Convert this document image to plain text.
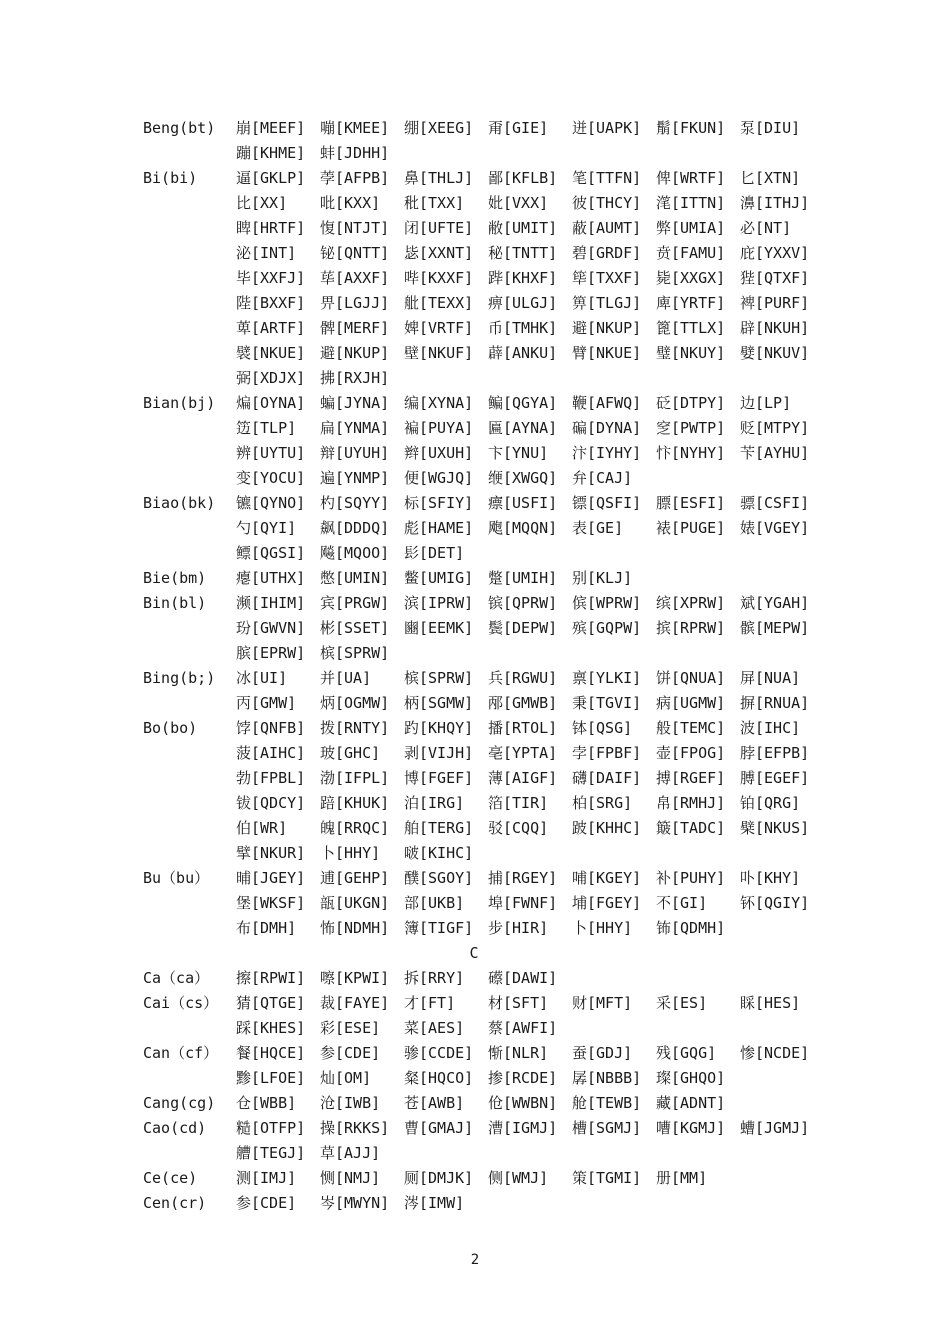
Beng(bt)	崩[MEEF] 嘣[KMEE] 绷[XEEG] 甭[GIE]	迸[UAPK] 鬅[FKUN] 泵[DIU]
蹦[KHME] 蚌[JDHH]
Bi(bi)	逼[GKLP] 荸[AFPB] 鼻[THLJ] 鄙[KFLB] 笔[TTFN] 俾[WRTF] 匕[XTN]
比[XX]	吡[KXX]	秕[TXX]	妣[VXX]	彼[THCY] 滗[ITTN] 濞[ITHJ]
睥[HRTF] 愎[NTJT] 闭[UFTE] 敝[UMIT] 蔽[AUMT] 弊[UMIA] 必[NT]
泌[INT]	铋[QNTT] 毖[XXNT] 秘[TNTT] 碧[GRDF] 贲[FAMU] 庇[YXXV]
毕[XXFJ] 荜[AXXF] 哔[KXXF] 跸[KHXF] 筚[TXXF] 毙[XXGX] 狴[QTXF]
陛[BXXF] 畀[LGJJ] 舭[TEXX] 痹[ULGJ] 箅[TLGJ] 庳[YRTF] 裨[PURF]
萆[ARTF] 髀[MERF] 婢[VRTF] 币[TMHK] 避[NKUP] 篦[TTLX] 辟[NKUH]
襞[NKUE] 避[NKUP] 壁[NKUF] 薜[ANKU] 臂[NKUE] 璧[NKUY] 嬖[NKUV]
弼[XDJX] 拂[RXJH]
Bian(bj)	煸[OYNA] 蝙[JYNA] 编[XYNA] 鳊[QGYA] 鞭[AFWQ] 砭[DTPY] 边[LP]
笾[TLP]	扁[YNMA] 褊[PUYA] 匾[AYNA] 碥[DYNA] 窆[PWTP] 贬[MTPY]
辨[UYTU] 辩[UYUH] 辫[UXUH] 卞[YNU]	汴[IYHY] 忭[NYHY] 苄[AYHU]
变[YOCU] 遍[YNMP] 便[WGJQ] 缏[XWGQ] 弁[CAJ]
Biao(bk)	镳[QYNO] 杓[SQYY] 标[SFIY] 瘭[USFI] 镖[QSFI] 膘[ESFI] 骠[CSFI]
勺[QYI]	飙[DDDQ] 彪[HAME] 飑[MQQN] 表[GE]	裱[PUGE] 婊[VGEY]
鳔[QGSI] 飚[MQOO] 髟[DET]
Bie(bm)	瘪[UTHX] 憋[UMIN] 鳖[UMIG] 蹩[UMIH] 别[KLJ]
Bin(bl)	濒[IHIM] 宾[PRGW] 滨[IPRW] 镔[QPRW] 傧[WPRW] 缤[XPRW] 斌[YGAH]
玢[GWVN] 彬[SSET] 豳[EEMK] 鬓[DEPW] 殡[GQPW] 摈[RPRW] 髌[MEPW]
膑[EPRW] 槟[SPRW]
Bing(b;)	冰[UI]	并[UA]	槟[SPRW] 兵[RGWU] 禀[YLKI] 饼[QNUA] 屏[NUA]
丙[GMW]	炳[OGMW] 柄[SGMW] 邴[GMWB] 秉[TGVI] 病[UGMW] 摒[RNUA]
Bo(bo)	饽[QNFB] 拨[RNTY] 趵[KHQY] 播[RTOL] 钵[QSG]	般[TEMC] 波[IHC]
菠[AIHC] 玻[GHC]	剥[VIJH] 亳[YPTA] 孛[FPBF] 壶[FPOG] 脖[EFPB]
勃[FPBL] 渤[IFPL] 博[FGEF] 薄[AIGF] 礴[DAIF] 搏[RGEF] 膊[EGEF]
钹[QDCY] 踣[KHUK] 泊[IRG]	箔[TIR]	柏[SRG]	帛[RMHJ] 铂[QRG]
伯[WR]	魄[RRQC] 舶[TERG] 驳[CQQ]	跛[KHHC] 簸[TADC] 檗[NKUS]
擘[NKUR] 卜[HHY]	啵[KIHC]
Bu（bu）	晡[JGEY] 逋[GEHP] 醭[SGOY] 捕[RGEY] 哺[KGEY] 补[PUHY] 卟[KHY]
堡[WKSF] 瓿[UKGN] 部[UKB]	埠[FWNF] 埔[FGEY] 不[GI]	钚[QGIY]
布[DMH]	怖[NDMH] 簿[TIGF] 步[HIR]	卜[HHY]	钸[QDMH]
C
Ca（ca）	擦[RPWI] 嚓[KPWI] 拆[RRY]	礤[DAWI]
Cai（cs）	猜[QTGE] 裁[FAYE] 才[FT]	材[SFT]	财[MFT]	采[ES]	睬[HES]
踩[KHES] 彩[ESE]	菜[AES]	蔡[AWFI]
Can（cf）	餐[HQCE] 参[CDE]	骖[CCDE] 惭[NLR]	蚕[GDJ]	残[GQG]	惨[NCDE]
黪[LFOE] 灿[OM]	粲[HQCO] 掺[RCDE] 孱[NBBB] 璨[GHQO]
Cang(cg)	仓[WBB]	沧[IWB]	苍[AWB]	伧[WWBN] 舱[TEWB] 藏[ADNT]
Cao(cd)	糙[OTFP] 操[RKKS] 曹[GMAJ] 漕[IGMJ] 槽[SGMJ] 嘈[KGMJ] 螬[JGMJ]
艚[TEGJ] 草[AJJ]
Ce(ce)	测[IMJ]	恻[NMJ]	厕[DMJK] 侧[WMJ]	策[TGMI] 册[MM]
Cen(cr)	参[CDE]	岑[MWYN] 涔[IMW]
2
